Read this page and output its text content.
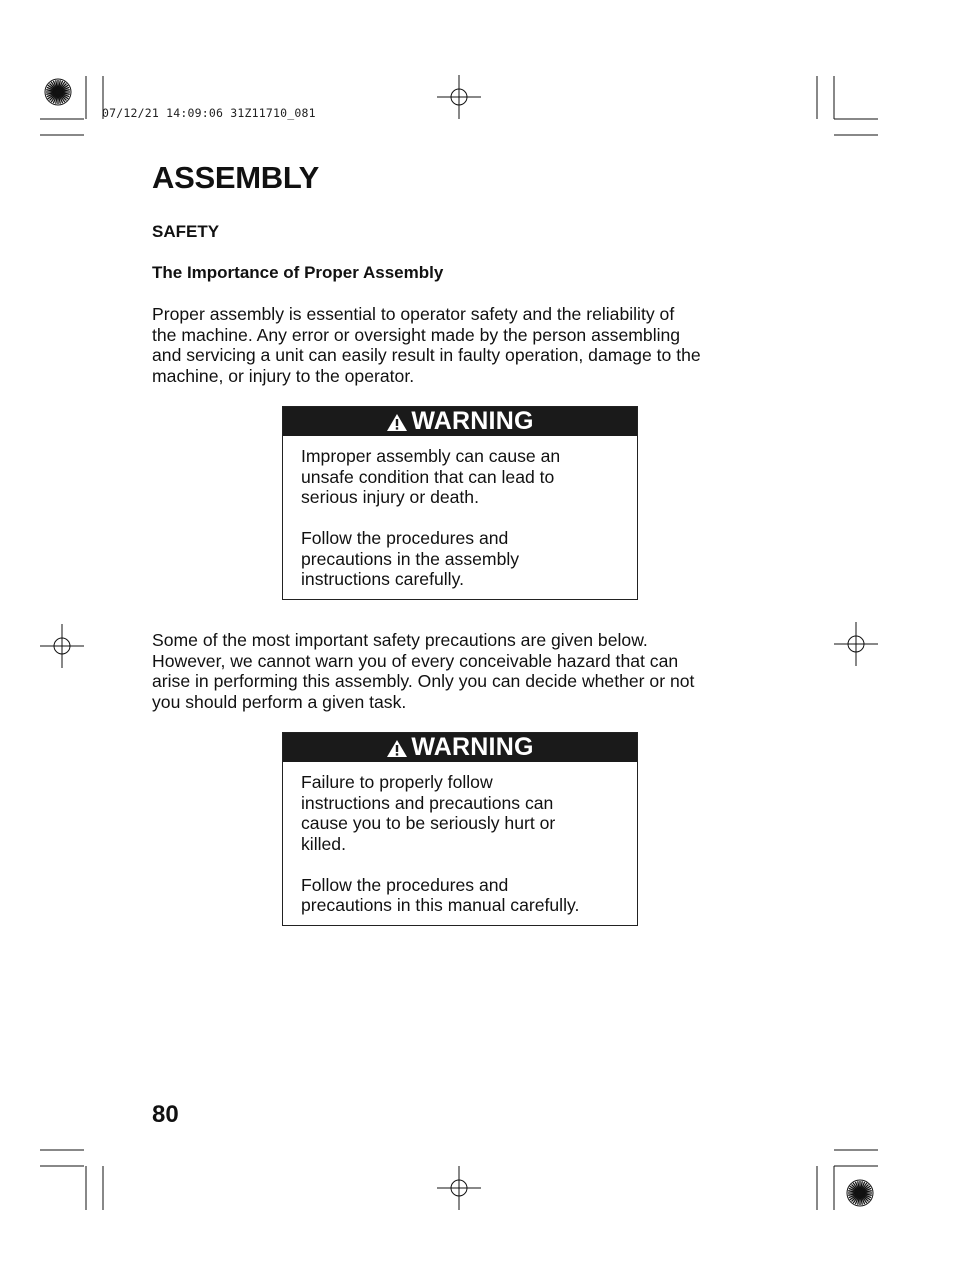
07/12/21 14:09:06 31Z11710_081
ASSEMBLY
SAFETY
The Importance of Proper Assembly
Proper assembly is essential to operator safety and the reliability of
the machine. Any error or oversight made by the person assembling
and servicing a unit can easily result in faulty operation, damage to the
machine, or injury to the operator.
WARNING

Improper assembly can cause an
unsafe condition that can lead to
serious injury or death.

Follow the procedures and
precautions in the assembly
instructions carefully.

Some of the most important safety precautions are given below.
However, we cannot warn you of every conceivable hazard that can
arise in performing this assembly. Only you can decide whether or not
you should perform a given task.
WARNING

Failure to properly follow
instructions and precautions can
cause you to be seriously hurt or
killed.

Follow the procedures and
precautions in this manual carefully.

80
